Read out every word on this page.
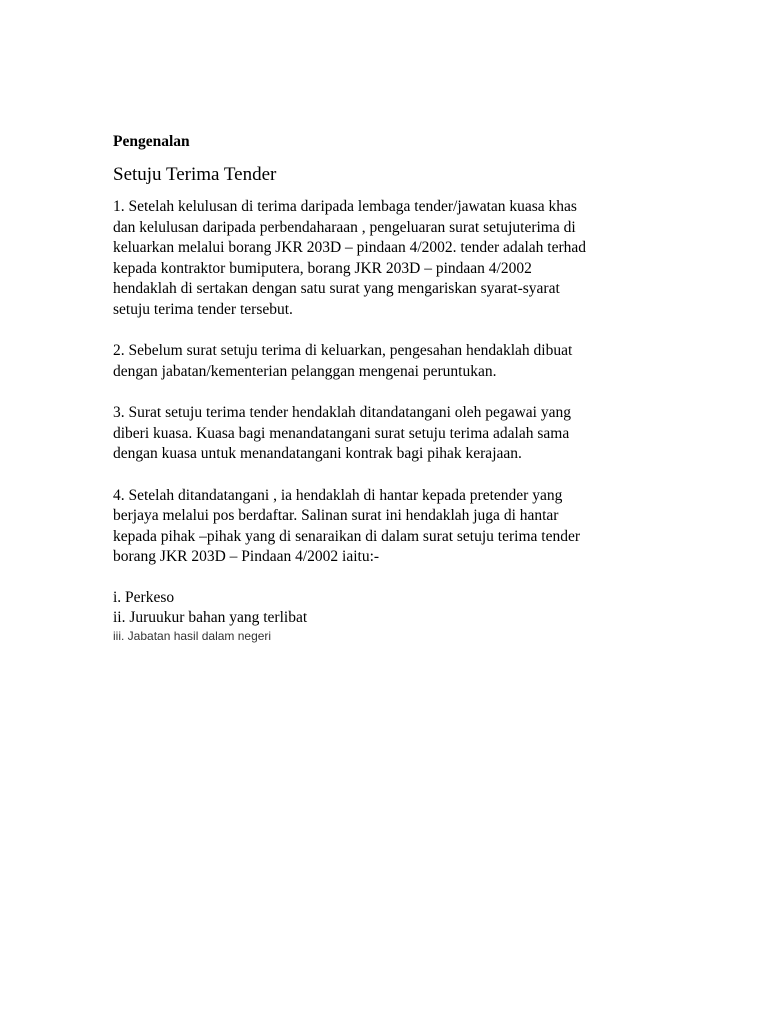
Pengenalan

Setuju Terima Tender

1. Setelah kelulusan di terima daripada lembaga tender/jawatan kuasa khas
dan kelulusan daripada perbendaharaan , pengeluaran surat setujuterima di
keluarkan melalui borang JKR 203D – pindaan 4/2002. tender adalah terhad
kepada kontraktor bumiputera, borang JKR 203D – pindaan 4/2002
hendaklah di sertakan dengan satu surat yang mengariskan syarat-syarat
setuju terima tender tersebut.

2. Sebelum surat setuju terima di keluarkan, pengesahan hendaklah dibuat
dengan jabatan/kementerian pelanggan mengenai peruntukan.

3. Surat setuju terima tender hendaklah ditandatangani oleh pegawai yang
diberi kuasa. Kuasa bagi menandatangani surat setuju terima adalah sama
dengan kuasa untuk menandatangani kontrak bagi pihak kerajaan.

4. Setelah ditandatangani , ia hendaklah di hantar kepada pretender yang
berjaya melalui pos berdaftar. Salinan surat ini hendaklah juga di hantar
kepada pihak –pihak yang di senaraikan di dalam surat setuju terima tender
borang JKR 203D – Pindaan 4/2002 iaitu:-

i. Perkeso

ii. Juruukur bahan yang terlibat

iii. Jabatan hasil dalam negeri
